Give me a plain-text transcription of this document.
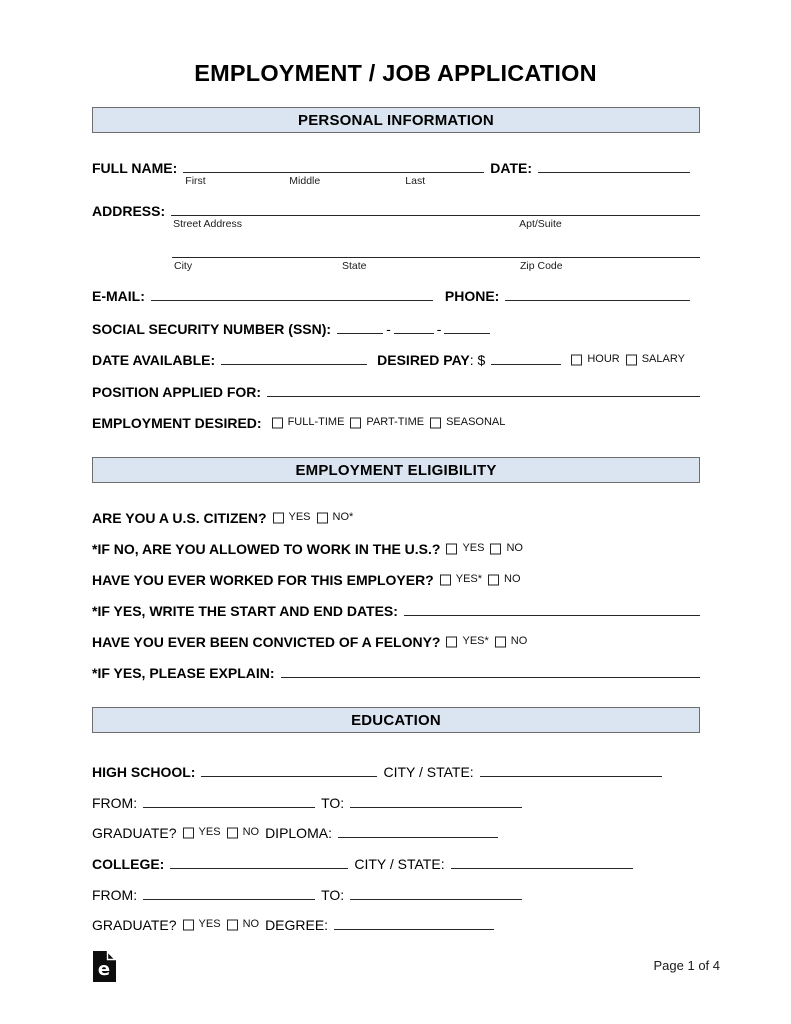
EMPLOYMENT / JOB APPLICATION
PERSONAL INFORMATION
FULL NAME:
First	Middle	Last
DATE:
ADDRESS:
Street Address	Apt/Suite
City	State	Zip Code
E-MAIL:	PHONE:
SOCIAL SECURITY NUMBER (SSN):	-	-
DATE AVAILABLE:	DESIRED PAY : $	HOUR SALARY
POSITION APPLIED FOR:
EMPLOYMENT DESIRED: FULL-TIME PART-TIME SEASONAL
EMPLOYMENT ELIGIBILITY
ARE YOU A U.S. CITIZEN? YES NO*
*IF NO, ARE YOU ALLOWED TO WORK IN THE U.S.? YES NO
HAVE YOU EVER WORKED FOR THIS EMPLOYER? YES* NO
*IF YES, WRITE THE START AND END DATES:
HAVE YOU EVER BEEN CONVICTED OF A FELONY? YES* NO
*IF YES, PLEASE EXPLAIN:
EDUCATION
HIGH SCHOOL:	CITY / STATE:
FROM:	TO:
GRADUATE? YES NO DIPLOMA:
COLLEGE:	CITY / STATE:
FROM:	TO:
GRADUATE? YES NO DEGREE:
e	Page 1 of 4
